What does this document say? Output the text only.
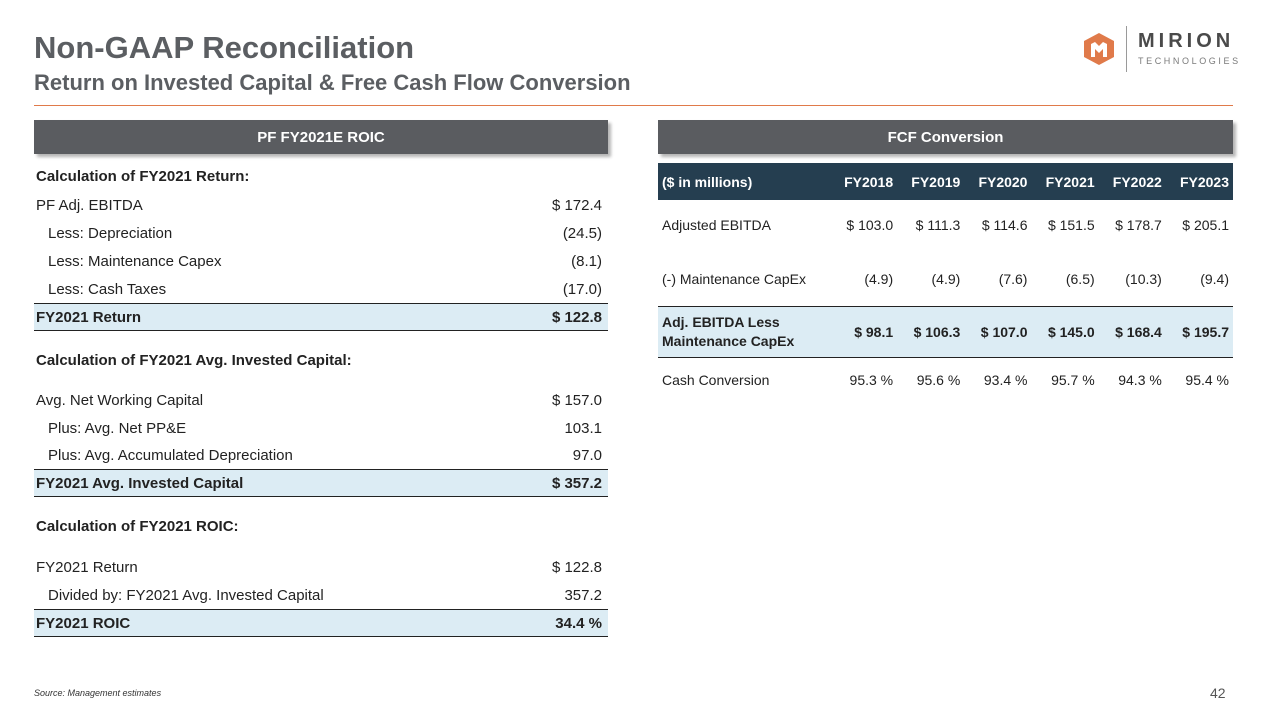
Non-GAAP Reconciliation
Return on Invested Capital & Free Cash Flow Conversion
MIRION
TECHNOLOGIES
PF FY2021E ROIC
Calculation of FY2021 Return:
PF Adj. EBITDA	$ 172.4
Less: Depreciation	(24.5)
Less: Maintenance Capex	(8.1)
Less: Cash Taxes	(17.0)
FY2021 Return	$ 122.8
Calculation of FY2021 Avg. Invested Capital:
Avg. Net Working Capital	$ 157.0
Plus: Avg. Net PP&E	103.1
Plus: Avg. Accumulated Depreciation	97.0
FY2021 Avg. Invested Capital	$ 357.2
Calculation of FY2021 ROIC:
FY2021 Return	$ 122.8
Divided by: FY2021 Avg. Invested Capital	357.2
FY2021 ROIC	34.4 %
FCF Conversion
($ in millions)	FY2018	FY2019	FY2020	FY2021	FY2022	FY2023
Adjusted EBITDA	$ 103.0	$ 111.3	$ 114.6	$ 151.5	$ 178.7	$ 205.1
(-) Maintenance CapEx	(4.9)	(4.9)	(7.6)	(6.5)	(10.3)	(9.4)
Adj. EBITDA Less
Maintenance CapEx
$ 98.1	$ 106.3	$ 107.0	$ 145.0	$ 168.4	$ 195.7
Cash Conversion	95.3 %	95.6 %	93.4 %	95.7 %	94.3 %	95.4 %
Source: Management estimates	42
